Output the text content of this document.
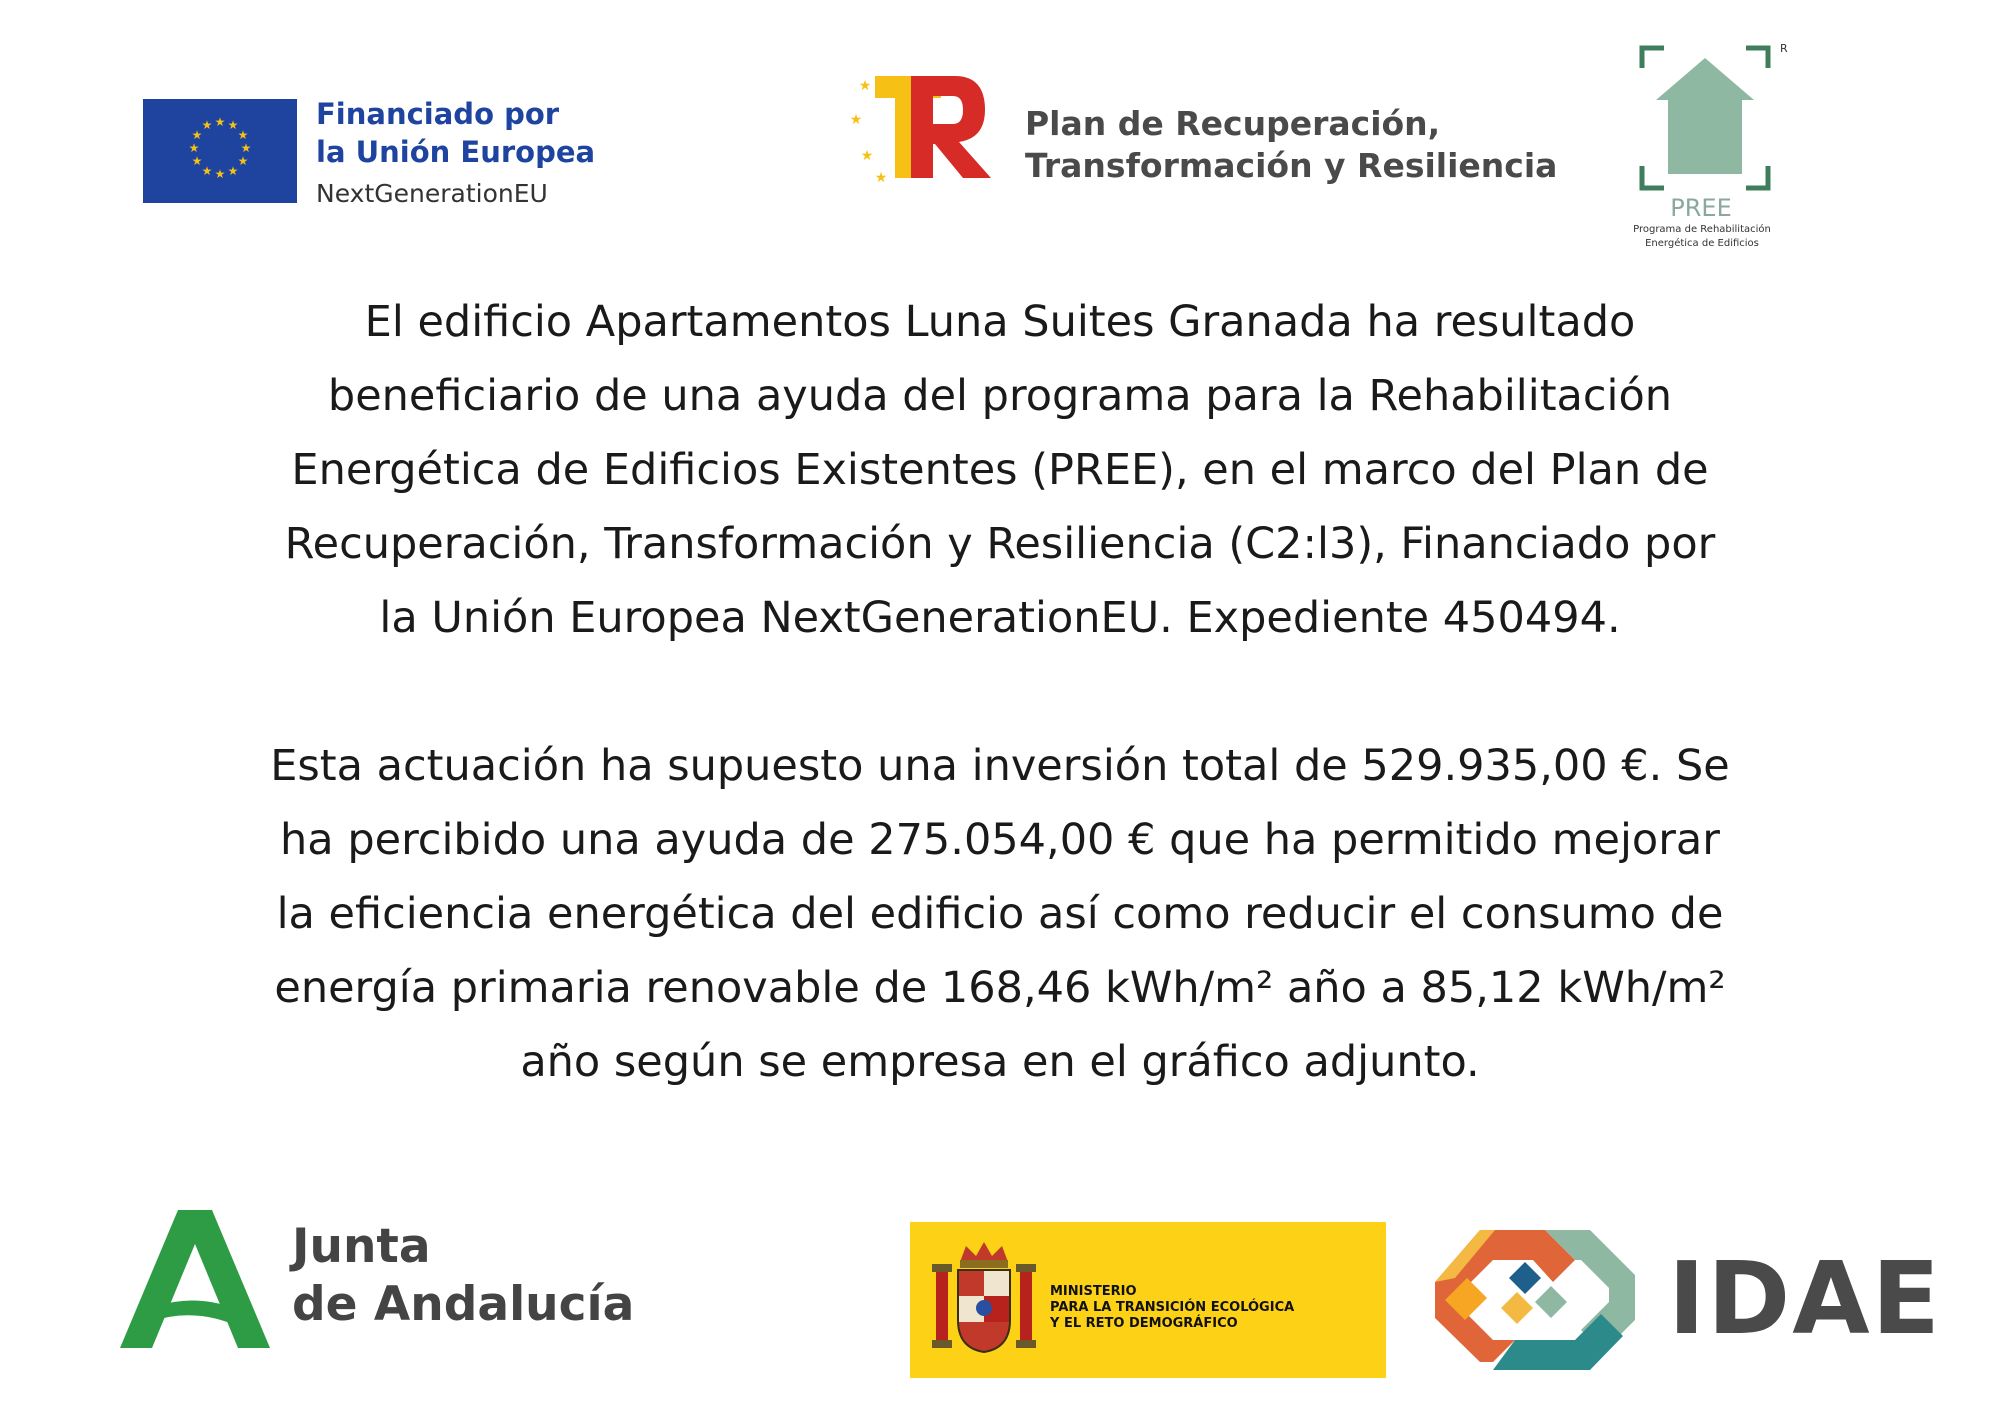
★ ★
★
★
★
★
★
★
★
★
★
★	Financiado por
la Unión Europea
NextGenerationEU
★
★
★
★
Plan de Recuperación,
Transformación y Resiliencia
R
PREE
Programa de Rehabilitación
Energética de Edificios
El edificio Apartamentos Luna Suites Granada ha resultado
beneficiario de una ayuda del programa para la Rehabilitación
Energética de Edificios Existentes (PREE), en el marco del Plan de
Recuperación, Transformación y Resiliencia (C2:l3), Financiado por
la Unión Europea NextGenerationEU. Expediente 450494.
Esta actuación ha supuesto una inversión total de 529.935,00 €. Se
ha percibido una ayuda de 275.054,00 € que ha permitido mejorar
la eficiencia energética del edificio así como reducir el consumo de
energía primaria renovable de 168,46 kWh/m² año a 85,12 kWh/m²
año según se empresa en el gráfico adjunto.
Junta
de Andalucía	MINISTERIO
PARA LA TRANSICIÓN ECOLÓGICA
Y EL RETO DEMOGRÁFICO	IDAE
